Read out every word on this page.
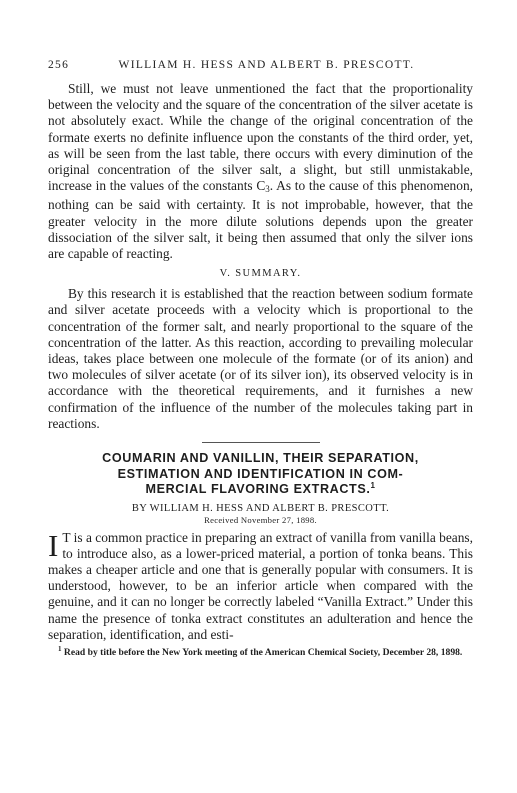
256	WILLIAM H. HESS AND ALBERT B. PRESCOTT.

Still, we must not leave unmentioned the fact that the proportionality between the velocity and the square of the concentration of the silver acetate is not absolutely exact. While the change of the original concentration of the formate exerts no definite influence upon the constants of the third order, yet, as will be seen from the last table, there occurs with every diminution of the original concentration of the silver salt, a slight, but still unmistakable, increase in the values of the constants $C_3$. As to the cause of this phenomenon, nothing can be said with certainty. It is not improbable, however, that the greater velocity in the more dilute solutions depends upon the greater dissociation of the silver salt, it being then assumed that only the silver ions are capable of reacting.

V. SUMMARY.

By this research it is established that the reaction between sodium formate and silver acetate proceeds with a velocity which is proportional to the concentration of the former salt, and nearly proportional to the square of the concentration of the latter. As this reaction, according to prevailing molecular ideas, takes place between one molecule of the formate (or of its anion) and two molecules of silver acetate (or of its silver ion), its observed velocity is in accordance with the theoretical requirements, and it furnishes a new confirmation of the influence of the number of the molecules taking part in reactions.

COUMARIN AND VANILLIN, THEIR SEPARATION,
ESTIMATION AND IDENTIFICATION IN COM-
MERCIAL FLAVORING EXTRACTS.$^1$
BY WILLIAM H. HESS AND ALBERT B. PRESCOTT.
Received November 27, 1898.

I T is a common practice in preparing an extract of vanilla from vanilla beans, to introduce also, as a lower-priced material, a portion of tonka beans. This makes a cheaper article and one that is generally popular with consumers. It is understood, however, to be an inferior article when compared with the genuine, and it can no longer be correctly labeled “Vanilla Extract.” Under this name the presence of tonka extract constitutes an adulteration and hence the separation, identification, and esti-

$^1$ Read by title before the New York meeting of the American Chemical Society, December 28, 1898.
